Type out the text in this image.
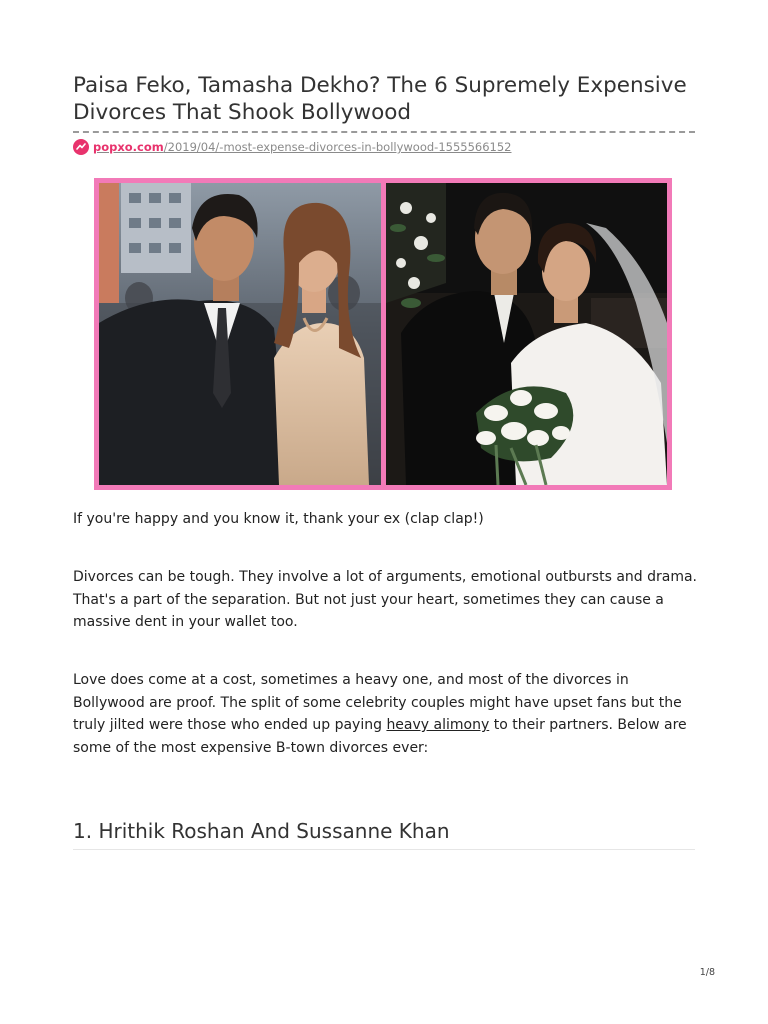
Paisa Feko, Tamasha Dekho? The 6 Supremely Expensive Divorces That Shook Bollywood
popxo.com/2019/04/-most-expense-divorces-in-bollywood-1555566152

If you're happy and you know it, thank your ex (clap clap!)

Divorces can be tough. They involve a lot of arguments, emotional outbursts and drama. That's a part of the separation. But not just your heart, sometimes they can cause a massive dent in your wallet too.

Love does come at a cost, sometimes a heavy one, and most of the divorces in Bollywood are proof. The split of some celebrity couples might have upset fans but the truly jilted were those who ended up paying heavy alimony to their partners. Below are some of the most expensive B-town divorces ever:

1. Hrithik Roshan And Sussanne Khan
1/8
